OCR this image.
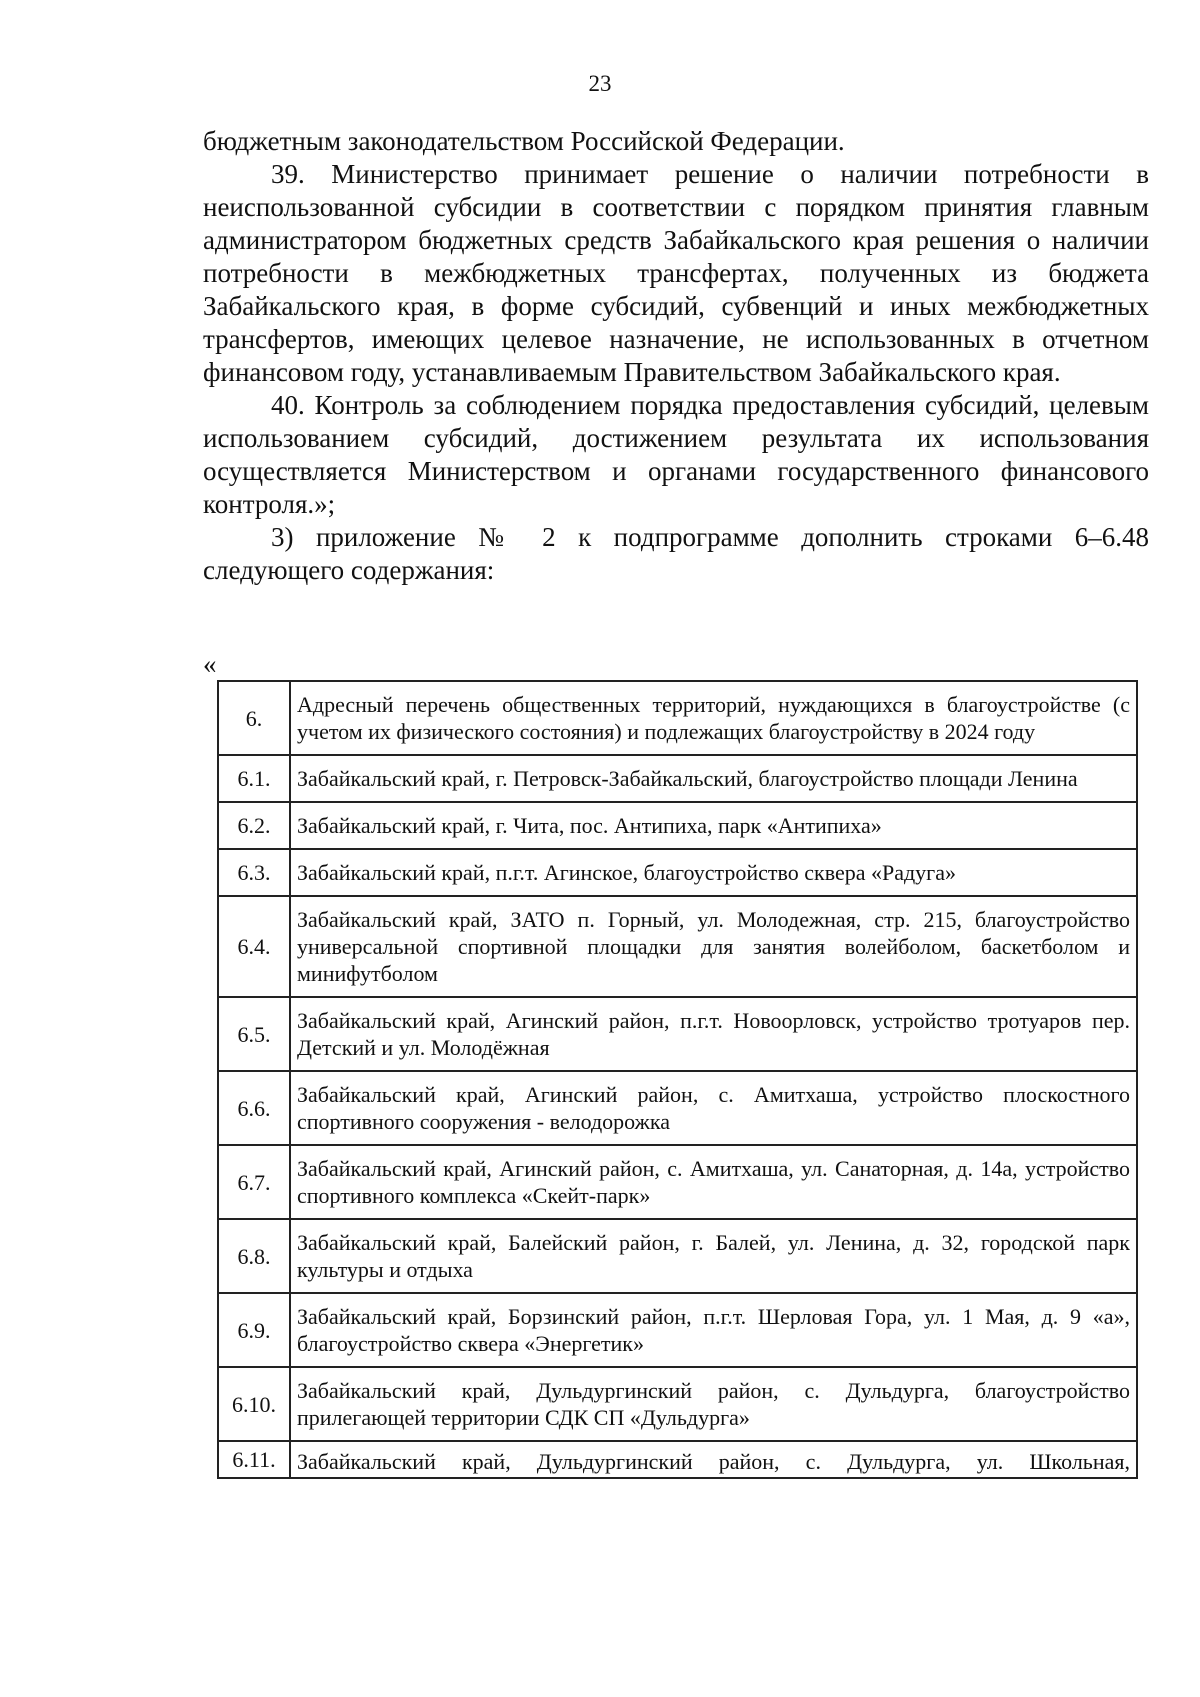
23

бюджетным законодательством Российской Федерации.

39. Министерство принимает решение о наличии потребности в неиспользованной субсидии в соответствии с порядком принятия главным администратором бюджетных средств Забайкальского края решения о наличии потребности в межбюджетных трансфертах, полученных из бюджета Забайкальского края, в форме субсидий, субвенций и иных межбюджетных трансфертов, имеющих целевое назначение, не использованных в отчетном финансовом году, устанавливаемым Правительством Забайкальского края.

40. Контроль за соблюдением порядка предоставления субсидий, целевым использованием субсидий, достижением результата их использования осуществляется Министерством и органами государственного финансового контроля.»;

3) приложение № 2 к подпрограмме дополнить строками 6–6.48 следующего содержания:

«
6.	Адресный перечень общественных территорий, нуждающихся в благоустройстве (с учетом их физического состояния) и подлежащих благоустройству в 2024 году
6.1.	Забайкальский край, г. Петровск-Забайкальский, благоустройство площади Ленина
6.2.	Забайкальский край, г. Чита, пос. Антипиха, парк «Антипиха»
6.3.	Забайкальский край, п.г.т. Агинское, благоустройство сквера «Радуга»
6.4.	Забайкальский край, ЗАТО п. Горный, ул. Молодежная, стр. 215, благоустройство универсальной спортивной площадки для занятия волейболом, баскетболом и минифутболом
6.5.	Забайкальский край, Агинский район, п.г.т. Новоорловск, устройство тротуаров пер. Детский и ул. Молодёжная
6.6.	Забайкальский край, Агинский район, с. Амитхаша, устройство плоскостного спортивного сооружения - велодорожка
6.7.	Забайкальский край, Агинский район, с. Амитхаша, ул. Санаторная, д. 14а, устройство спортивного комплекса «Скейт-парк»
6.8.	Забайкальский край, Балейский район, г. Балей, ул. Ленина, д. 32, городской парк культуры и отдыха
6.9.	Забайкальский край, Борзинский район, п.г.т. Шерловая Гора, ул. 1 Мая, д. 9 «а», благоустройство сквера «Энергетик»
6.10.	Забайкальский край, Дульдургинский район, с. Дульдурга, благоустройство прилегающей территории СДК СП «Дульдурга»
6.11.	Забайкальский край, Дульдургинский район, с. Дульдурга, ул. Школьная,
